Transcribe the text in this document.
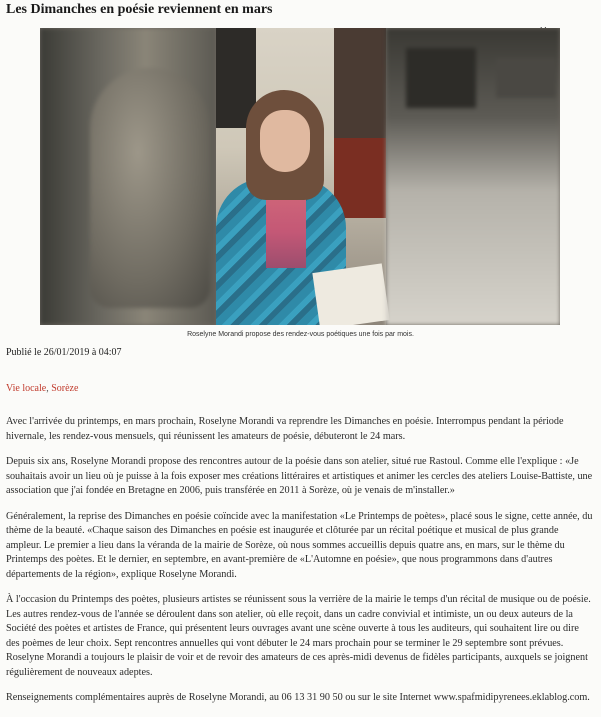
Les Dimanches en poésie reviennent en mars
Roselyne Morandi propose des rendez-vous poétiques une fois par mois.
Publié le 26/01/2019 à 04:07
Vie locale, Sorèze

Avec l'arrivée du printemps, en mars prochain, Roselyne Morandi va reprendre les Dimanches en poésie. Interrompus pendant la période hivernale, les rendez-vous mensuels, qui réunissent les amateurs de poésie, débuteront le 24 mars.

Depuis six ans, Roselyne Morandi propose des rencontres autour de la poésie dans son atelier, situé rue Rastoul. Comme elle l'explique : «Je souhaitais avoir un lieu où je puisse à la fois exposer mes créations littéraires et artistiques et animer les cercles des ateliers Louise-Battiste, une association que j'ai fondée en Bretagne en 2006, puis transférée en 2011 à Sorèze, où je venais de m'installer.»

Généralement, la reprise des Dimanches en poésie coïncide avec la manifestation «Le Printemps de poètes», placé sous le signe, cette année, du thème de la beauté. «Chaque saison des Dimanches en poésie est inaugurée et clôturée par un récital poétique et musical de plus grande ampleur. Le premier a lieu dans la véranda de la mairie de Sorèze, où nous sommes accueillis depuis quatre ans, en mars, sur le thème du Printemps des poètes. Et le dernier, en septembre, en avant-première de «L'Automne en poésie», que nous programmons dans d'autres départements de la région», explique Roselyne Morandi.

À l'occasion du Printemps des poètes, plusieurs artistes se réunissent sous la verrière de la mairie le temps d'un récital de musique ou de poésie. Les autres rendez-vous de l'année se déroulent dans son atelier, où elle reçoit, dans un cadre convivial et intimiste, un ou deux auteurs de la Société des poètes et artistes de France, qui présentent leurs ouvrages avant une scène ouverte à tous les auditeurs, qui souhaitent lire ou dire des poèmes de leur choix. Sept rencontres annuelles qui vont débuter le 24 mars prochain pour se terminer le 29 septembre sont prévues. Roselyne Morandi a toujours le plaisir de voir et de revoir des amateurs de ces après-midi devenus de fidèles participants, auxquels se joignent régulièrement de nouveaux adeptes.

Renseignements complémentaires auprès de Roselyne Morandi, au 06 13 31 90 50 ou sur le site Internet www.spafmidipyrenees.eklablog.com.
